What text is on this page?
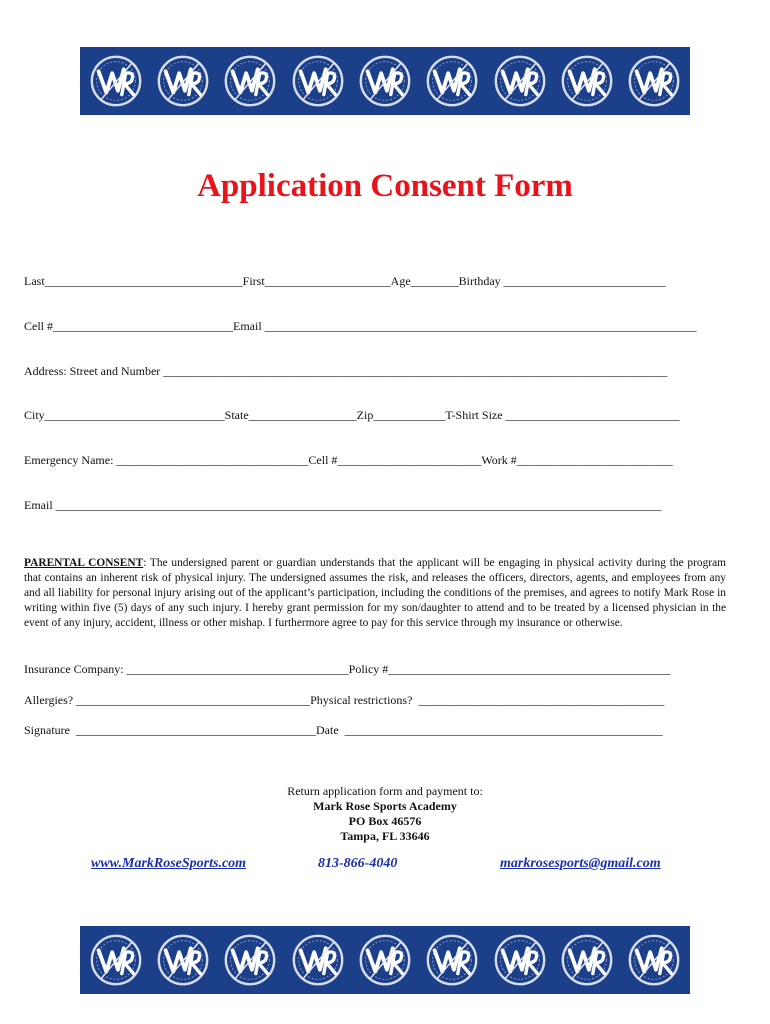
Application Consent Form
Last_________________________________First_____________________Age________Birthday ___________________________
Cell #______________________________Email ________________________________________________________________________
Address: Street and Number ____________________________________________________________________________________
City______________________________State__________________Zip____________T-Shirt Size _____________________________
Emergency Name: ________________________________Cell #________________________Work #__________________________
Email _____________________________________________________________________________________________________
PARENTAL CONSENT: The undersigned parent or guardian understands that the applicant will be engaging in physical activity during the program that contains an inherent risk of physical injury. The undersigned assumes the risk, and releases the officers, directors, agents, and employees from any and all liability for personal injury arising out of the applicant’s participation, including the conditions of the premises, and agrees to notify Mark Rose in writing within five (5) days of any such injury. I hereby grant permission for my son/daughter to attend and to be treated by a licensed physician in the event of any injury, accident, illness or other mishap. I furthermore agree to pay for this service through my insurance or otherwise.
Insurance Company: _____________________________________Policy #_______________________________________________
Allergies? _______________________________________Physical restrictions?  _________________________________________
Signature  ________________________________________Date  _____________________________________________________
Return application form and payment to:
Mark Rose Sports Academy
PO Box 46576
Tampa, FL 33646
www.MarkRoseSports.com	813-866-4040	markrosesports@gmail.com
